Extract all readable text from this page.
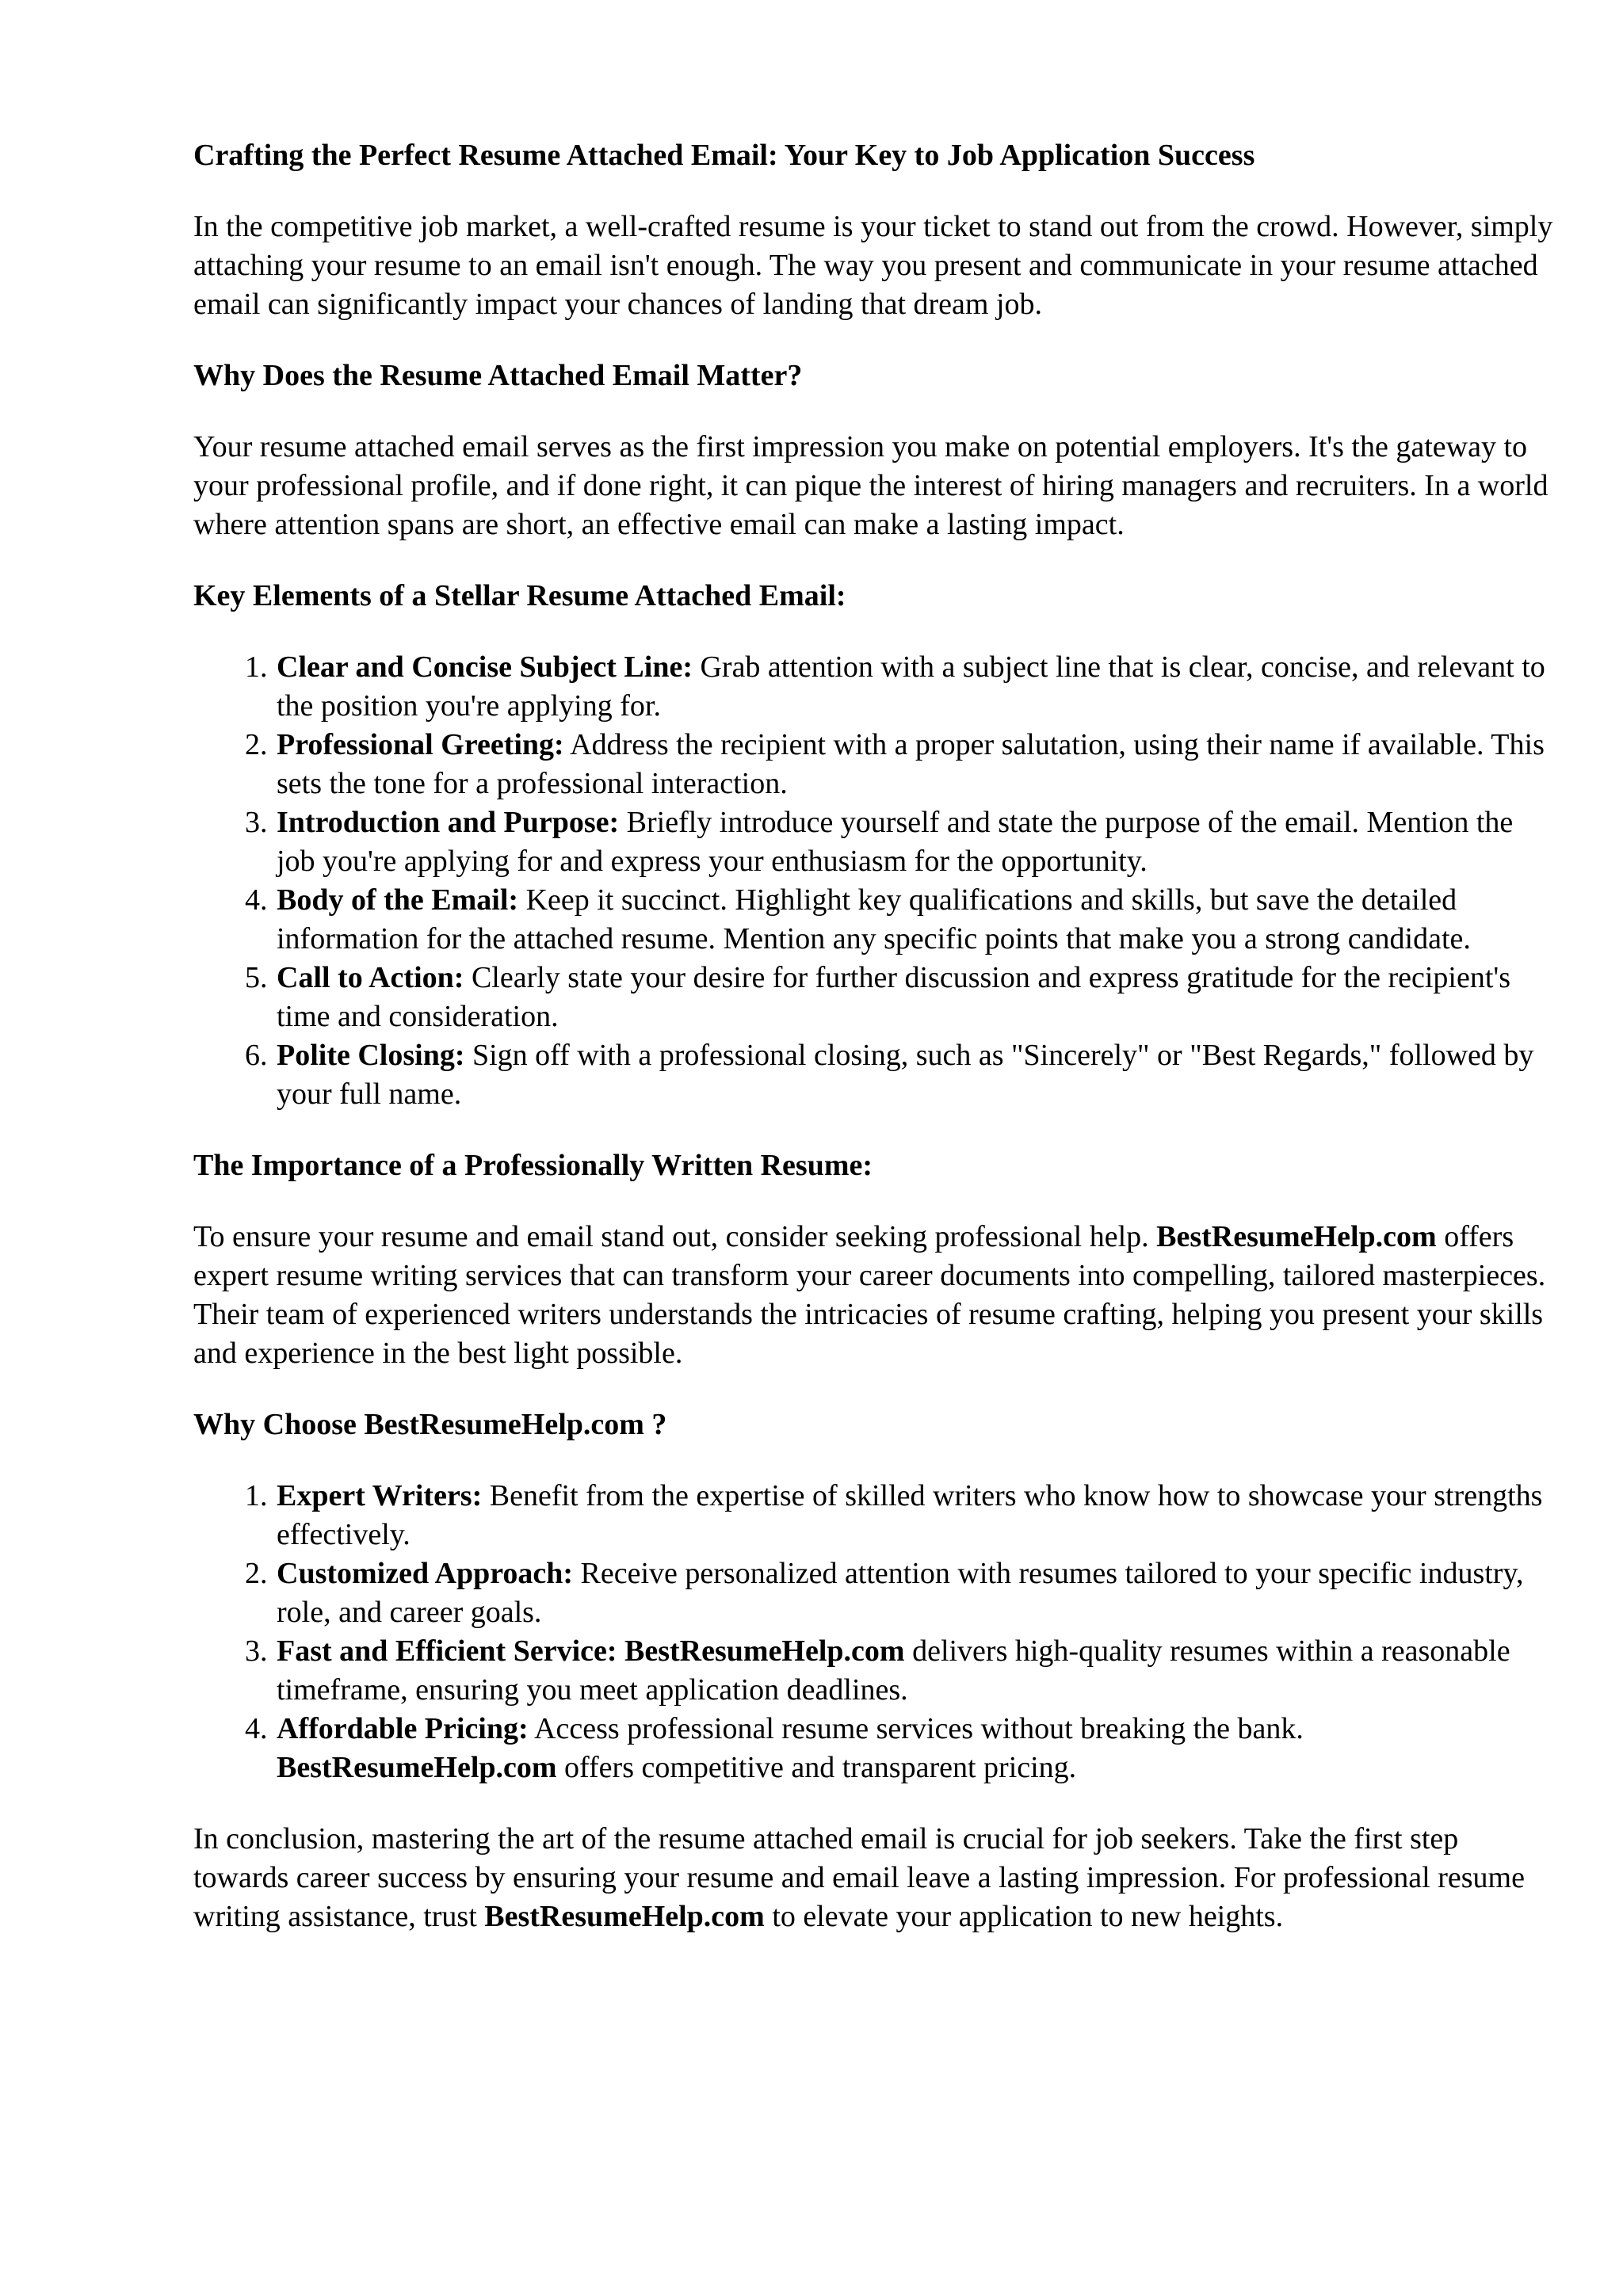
Crafting the Perfect Resume Attached Email: Your Key to Job Application Success

In the competitive job market, a well-crafted resume is your ticket to stand out from the crowd. However, simply attaching your resume to an email isn't enough. The way you present and communicate in your resume attached email can significantly impact your chances of landing that dream job.

Why Does the Resume Attached Email Matter?

Your resume attached email serves as the first impression you make on potential employers. It's the gateway to your professional profile, and if done right, it can pique the interest of hiring managers and recruiters. In a world where attention spans are short, an effective email can make a lasting impact.

Key Elements of a Stellar Resume Attached Email:

1. Clear and Concise Subject Line: Grab attention with a subject line that is clear, concise, and relevant to the position you're applying for.
2. Professional Greeting: Address the recipient with a proper salutation, using their name if available. This sets the tone for a professional interaction.
3. Introduction and Purpose: Briefly introduce yourself and state the purpose of the email. Mention the job you're applying for and express your enthusiasm for the opportunity.
4. Body of the Email: Keep it succinct. Highlight key qualifications and skills, but save the detailed information for the attached resume. Mention any specific points that make you a strong candidate.
5. Call to Action: Clearly state your desire for further discussion and express gratitude for the recipient's time and consideration.
6. Polite Closing: Sign off with a professional closing, such as "Sincerely" or "Best Regards," followed by your full name.

The Importance of a Professionally Written Resume:

To ensure your resume and email stand out, consider seeking professional help. BestResumeHelp.com offers expert resume writing services that can transform your career documents into compelling, tailored masterpieces. Their team of experienced writers understands the intricacies of resume crafting, helping you present your skills and experience in the best light possible.

Why Choose BestResumeHelp.com ?

1. Expert Writers: Benefit from the expertise of skilled writers who know how to showcase your strengths effectively.
2. Customized Approach: Receive personalized attention with resumes tailored to your specific industry, role, and career goals.
3. Fast and Efficient Service: BestResumeHelp.com delivers high-quality resumes within a reasonable timeframe, ensuring you meet application deadlines.
4. Affordable Pricing: Access professional resume services without breaking the bank. BestResumeHelp.com offers competitive and transparent pricing.

In conclusion, mastering the art of the resume attached email is crucial for job seekers. Take the first step towards career success by ensuring your resume and email leave a lasting impression. For professional resume writing assistance, trust BestResumeHelp.com to elevate your application to new heights.
